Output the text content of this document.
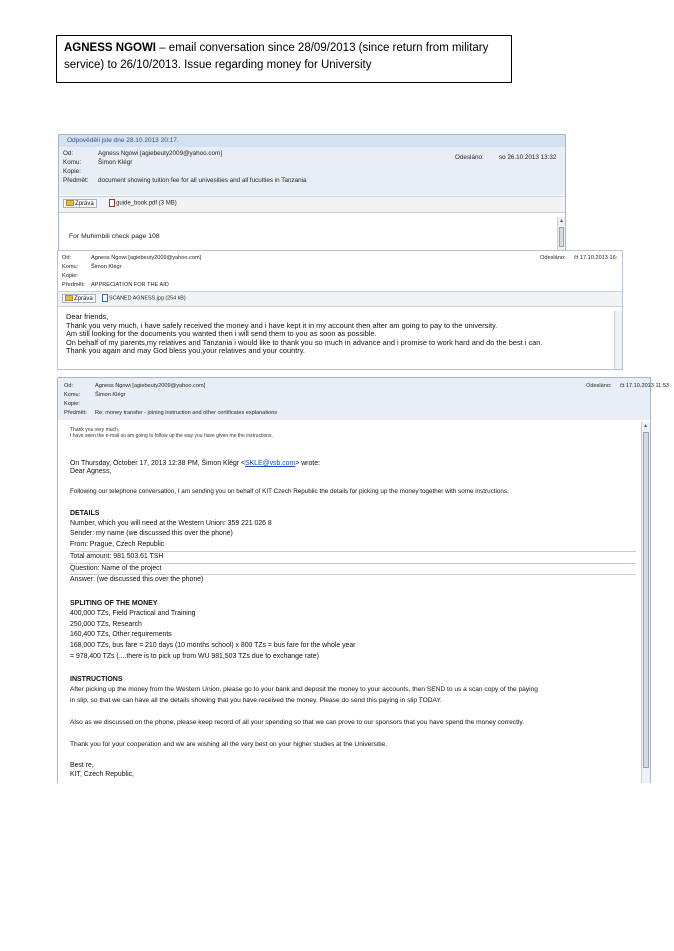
AGNESS NGOWI – email conversation since 28/09/2013 (since return from military service) to 26/10/2013. Issue regarding money for University
Odpověděli jste dne 28.10.2013 20:17.
Od:	Agness Ngowi [agiebeuty2009@yahoo.com]
Komu:	Šimon Klégr
Kopie:
Předmět: document showing tuition fee for all univesities and all fuculties in Tanzania
Odesláno: so 26.10.2013 13:32
Zpráva	guide_book.pdf (3 MB)
For Muhimbili check page 108
▲
Od:	Agness Ngowi [agiebeuty2009@yahoo.com]
Komu: Šimon Klégr
Kopie:
Předmět: APPRECIATION FOR THE AID
Odesláno: čt 17.10.2013 16:
Zpráva	SCANED AGNESS.jpg (254 kB)
Dear friends,
Thank you very much, i have safely received the money and i have kept it in my account then after am going to pay to the university.
Am still looking for the documents you wanted then i will send them to you as soon as possible.
On behalf of my parents,my relatives and Tanzania i would like to thank you so much in advance and i promise to work hard and do the best i can.
Thank you again and may God bless you,your relatives and your country.
Od:	Agness Ngowi [agiebeuty2009@yahoo.com]
Komu:	Šimon Klégr
Kopie:
Předmět: Re: money transfer - joining instruction and other certificates explanations
Odesláno: čt 17.10.2013 11:53
Thank you very much,
I have seen the e-mail so am going to follow up the way you have given me the instructions.
On Thursday, October 17, 2013 12:38 PM, Šimon Klégr <SKLE@vsb.com> wrote:
Dear Agness,
Following our telephone conversation, I am sending you on behalf of KIT Czech Republic the details for picking up the money together with some instructions.
DETAILS
Number, which you will need at the Western Union: 359 221 026 8
Sender: my name (we discussed this over the phone)
From: Prague, Czech Republic
Total amount: 981 503.61 TSH
Question: Name of the project
Answer: (we discussed this over the phone)
SPLITING OF THE MONEY
400,000 TZs, Field Practical and Training
250,000 TZs, Research
160,400 TZs, Other requirements
168,000 TZs, bus fare = 210 days (10 months school) x 800 TZs = bus fare for the whole year
= 978,400 TZs (....there is to pick up from WU 981,503 TZs due to exchange rate)
INSTRUCTIONS
After picking up the money from the Western Union, please go to your bank and deposit the money to your accounts, then SEND to us a scan copy of the paying
in slip, so that we can have all the details showing that you have received the money. Please do send this paying in slip TODAY.
Also as we discussed on the phone, please keep record of all your spending so that we can prove to our sponsors that you have spend the money correctly.
Thank you for your cooperation and we are wishing all the very best on your higher studies at the Universitie.
Best re,
KIT, Czech Republic,
▲
